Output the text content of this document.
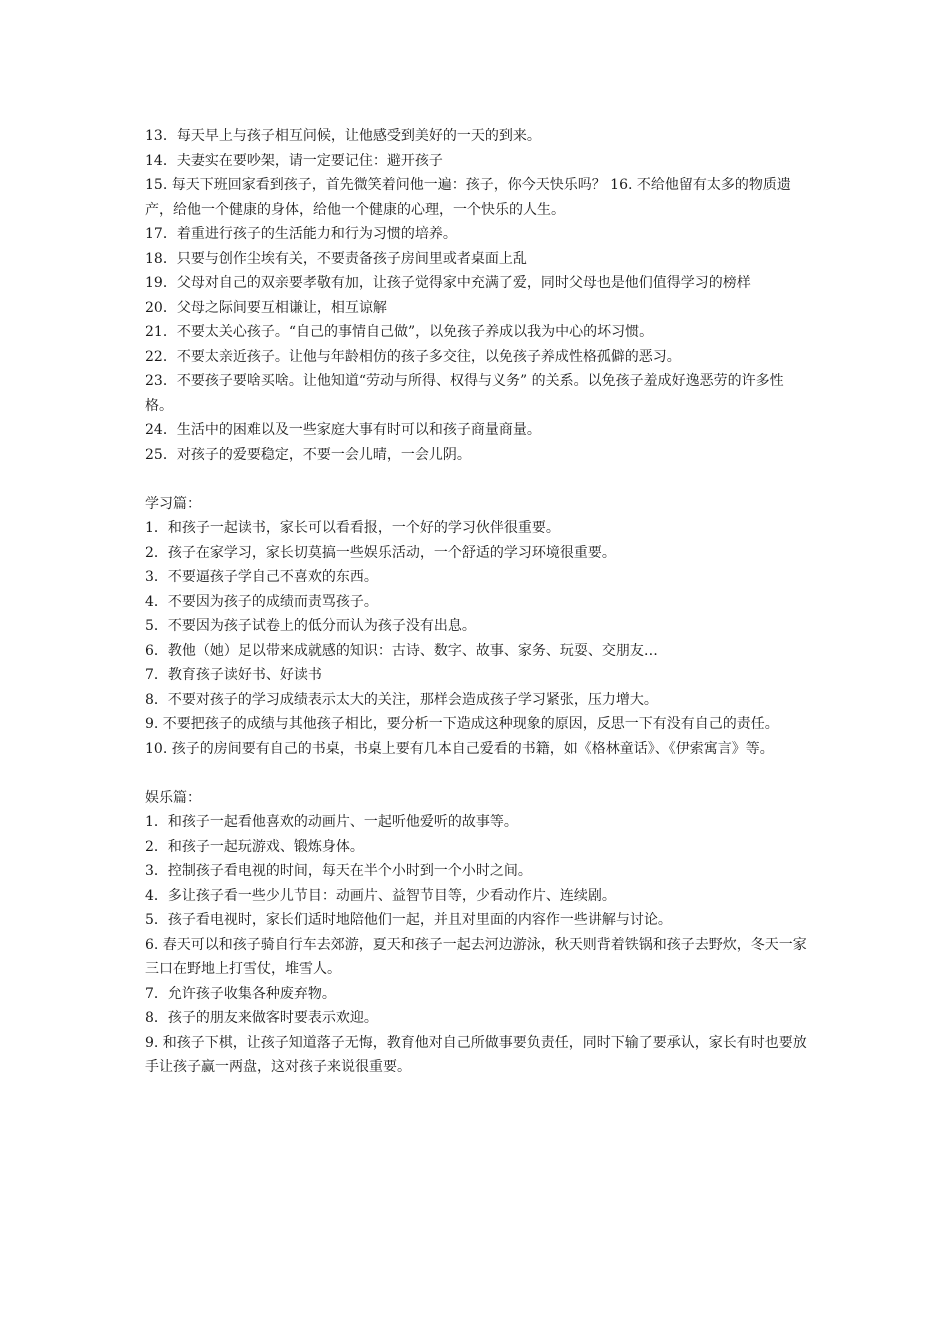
13．每天早上与孩子相互问候，让他感受到美好的一天的到来。

14．夫妻实在要吵架，请一定要记住：避开孩子

15. 每天下班回家看到孩子，首先微笑着问他一遍：孩子，你今天快乐吗？ 16. 不给他留有太多的物质遗产，给他一个健康的身体，给他一个健康的心理，一个快乐的人生。

17．着重进行孩子的生活能力和行为习惯的培养。

18．只要与创作尘埃有关，不要责备孩子房间里或者桌面上乱

19．父母对自己的双亲要孝敬有加，让孩子觉得家中充满了爱，同时父母也是他们值得学习的榜样

20．父母之际间要互相谦让，相互谅解

21．不要太关心孩子。“自己的事情自己做”，以免孩子养成以我为中心的坏习惯。

22．不要太亲近孩子。让他与年龄相仿的孩子多交往，以免孩子养成性格孤僻的恶习。

23．不要孩子要啥买啥。让他知道“劳动与所得、权得与义务” 的关系。以免孩子羞成好逸恶劳的许多性格。

24．生活中的困难以及一些家庭大事有时可以和孩子商量商量。

25．对孩子的爱要稳定，不要一会儿晴，一会儿阴。

学习篇：

1．和孩子一起读书，家长可以看看报，一个好的学习伙伴很重要。

2．孩子在家学习，家长切莫搞一些娱乐活动，一个舒适的学习环境很重要。

3．不要逼孩子学自己不喜欢的东西。

4．不要因为孩子的成绩而责骂孩子。

5．不要因为孩子试卷上的低分而认为孩子没有出息。

6．教他（她）足以带来成就感的知识：古诗、数字、故事、家务、玩耍、交朋友…

7．教育孩子读好书、好读书

8．不要对孩子的学习成绩表示太大的关注，那样会造成孩子学习紧张，压力增大。

9. 不要把孩子的成绩与其他孩子相比，要分析一下造成这种现象的原因，反思一下有没有自己的责任。

10. 孩子的房间要有自己的书桌，书桌上要有几本自己爱看的书籍，如《格林童话》、《伊索寓言》等。

娱乐篇：

1．和孩子一起看他喜欢的动画片、一起听他爱听的故事等。

2．和孩子一起玩游戏、锻炼身体。

3．控制孩子看电视的时间，每天在半个小时到一个小时之间。

4．多让孩子看一些少儿节目：动画片、益智节目等，少看动作片、连续剧。

5．孩子看电视时，家长们适时地陪他们一起，并且对里面的内容作一些讲解与讨论。

6. 春天可以和孩子骑自行车去郊游，夏天和孩子一起去河边游泳，秋天则背着铁锅和孩子去野炊，冬天一家三口在野地上打雪仗，堆雪人。

7．允许孩子收集各种废弃物。

8．孩子的朋友来做客时要表示欢迎。

9. 和孩子下棋，让孩子知道落子无悔，教育他对自己所做事要负责任，同时下输了要承认，家长有时也要放手让孩子赢一两盘，这对孩子来说很重要。
